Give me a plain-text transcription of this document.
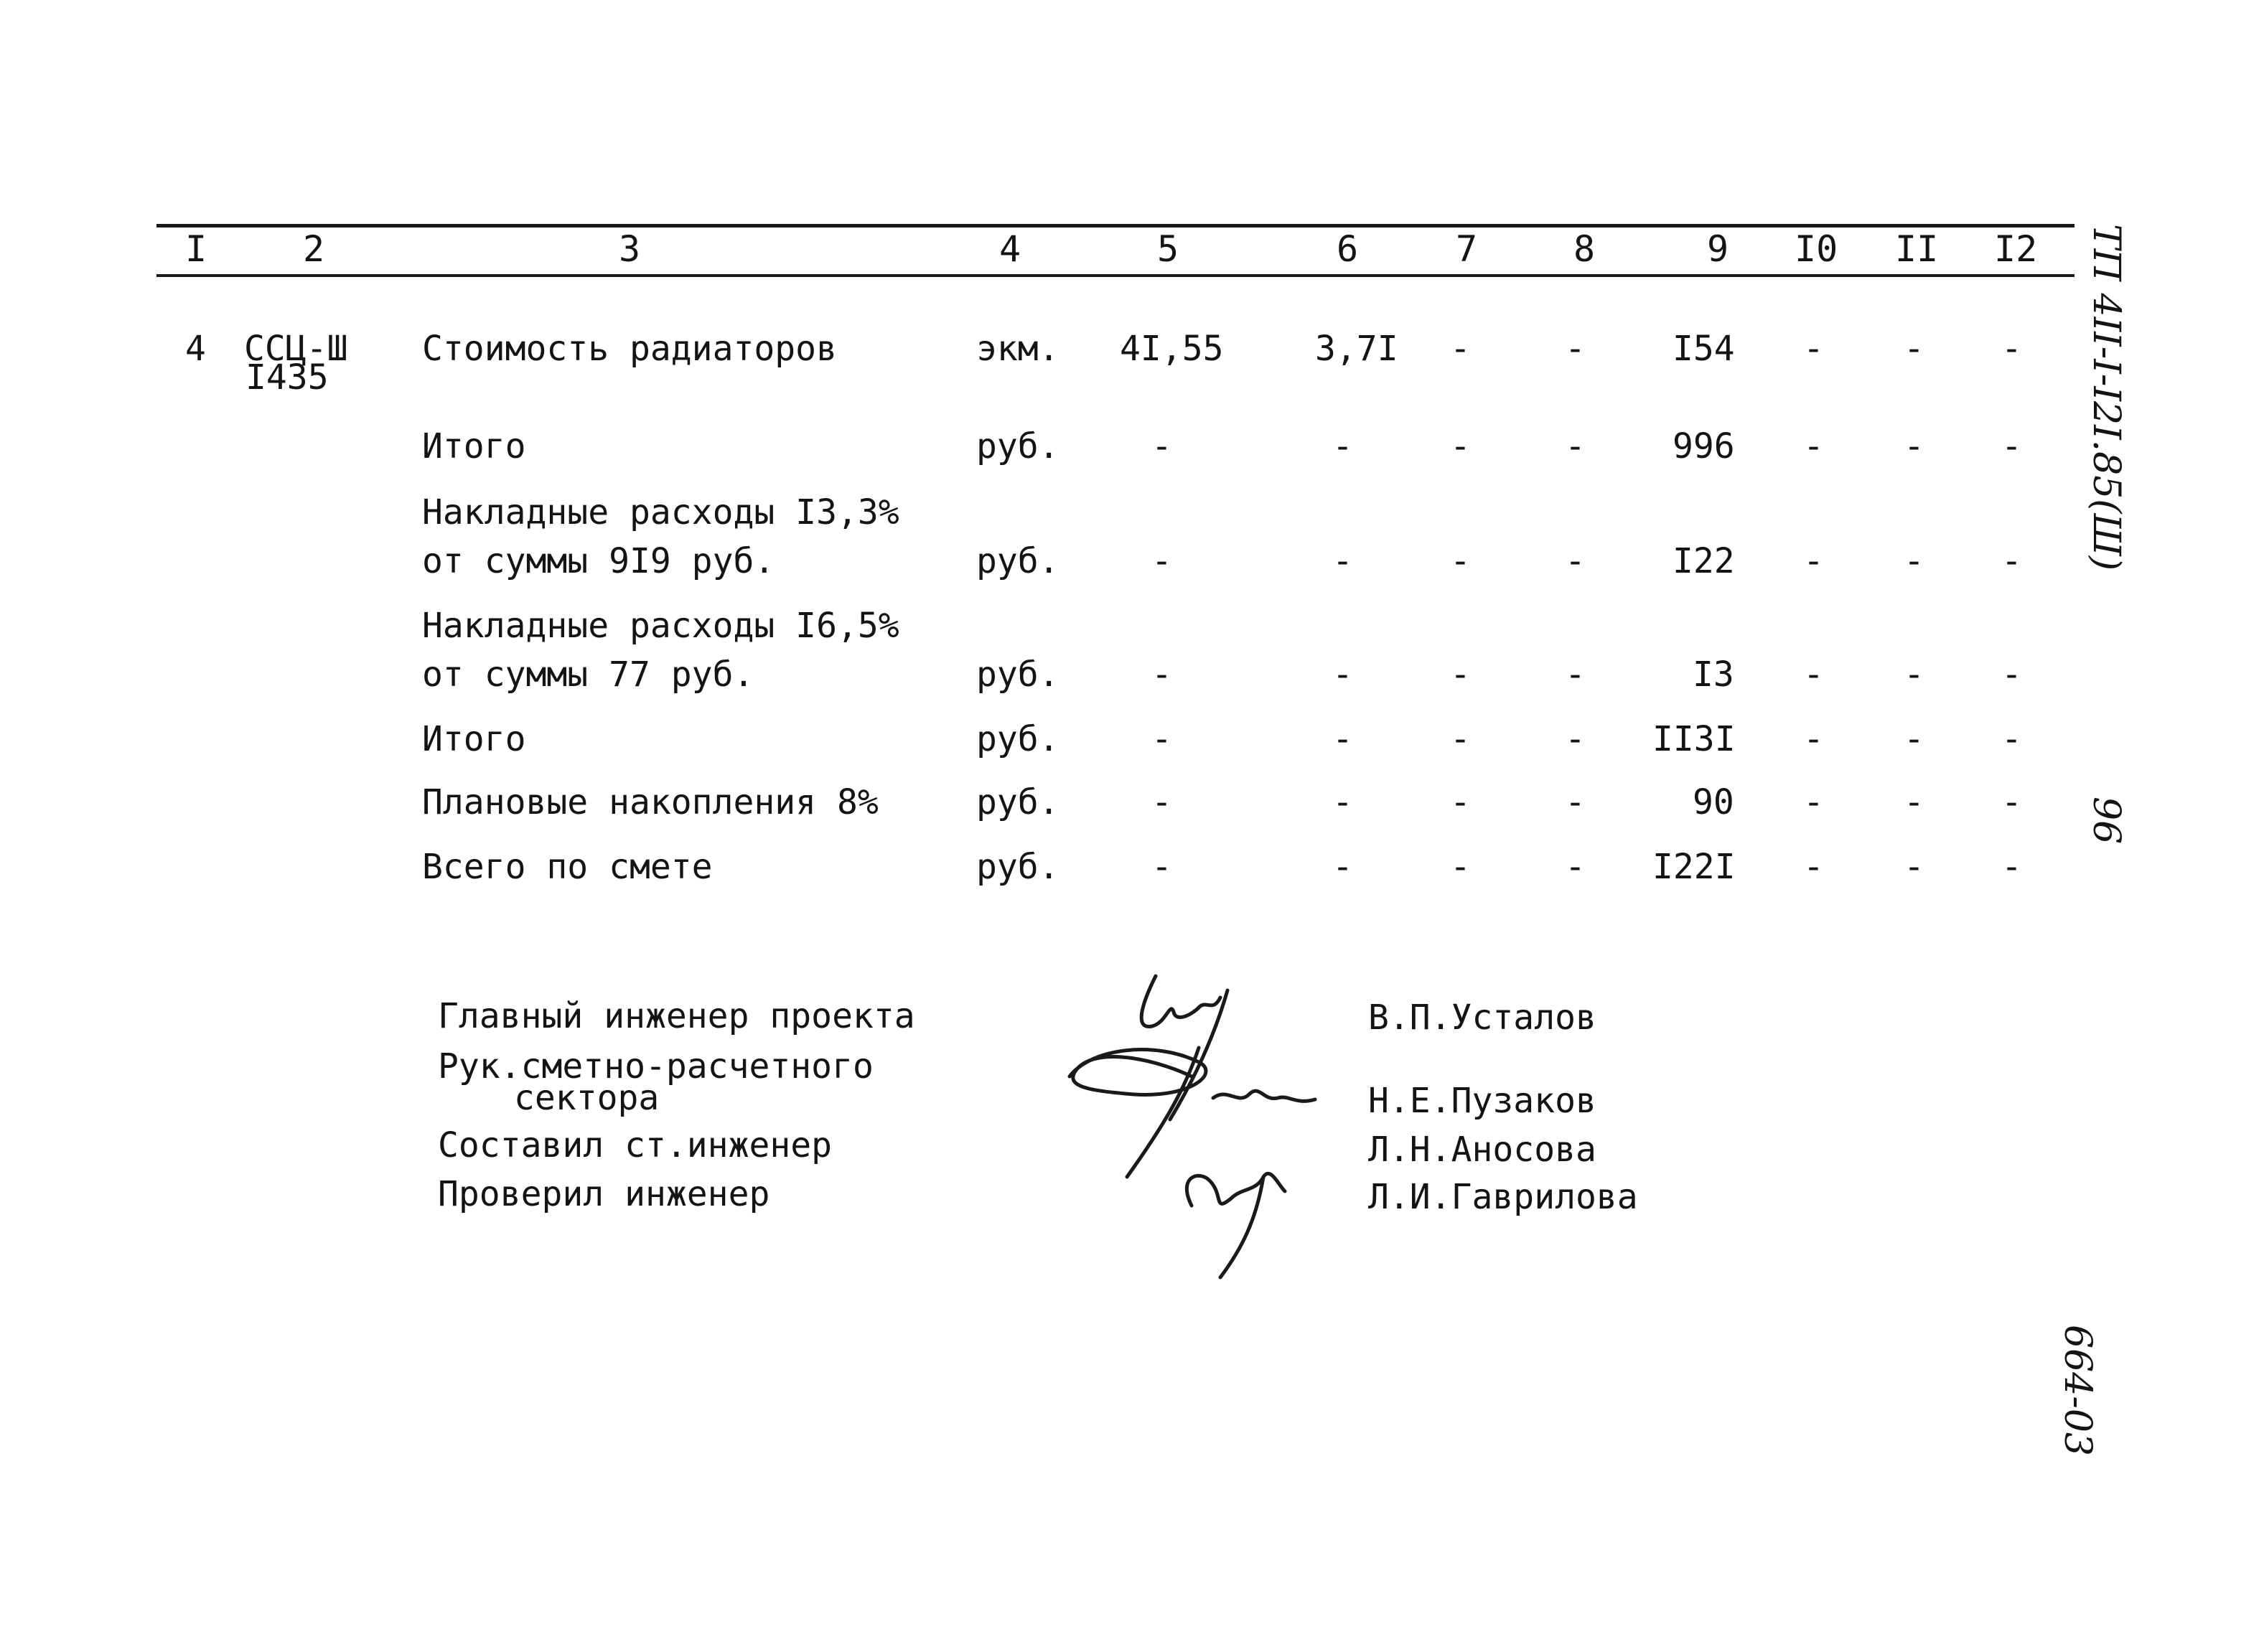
I	2	3	4	5	6	7	8	9 I0 II I2
4 ССЦ-Ш
I435
Стоимость радиаторов	экм. 4I,55	3,7I -	-	I54 - - -
Итого	руб.	-	-	-	-	996 - - -
Накладные расходы I3,3%
от суммы 9I9 руб.	руб.	-	-	-	-	I22 - - -
Накладные расходы I6,5%
от суммы 77 руб.	руб.	-	-	-	-	I3 - - -
Итого	руб.	-	-	-	- II3I - - -
Плановые накопления 8%	руб.	-	-	-	-	90 - - -
Всего по смете	руб.	-	-	-	- I22I - - -
Главный инженер проекта
Рук.сметно-расчетного
сектора
Составил ст.инженер
Проверил инженер
В.П.Усталов
Н.Е.Пузаков
Л.Н.Аносова
Л.И.Гаврилова
ТП 4II-I-I2I.85(Ш)
96
664-03
